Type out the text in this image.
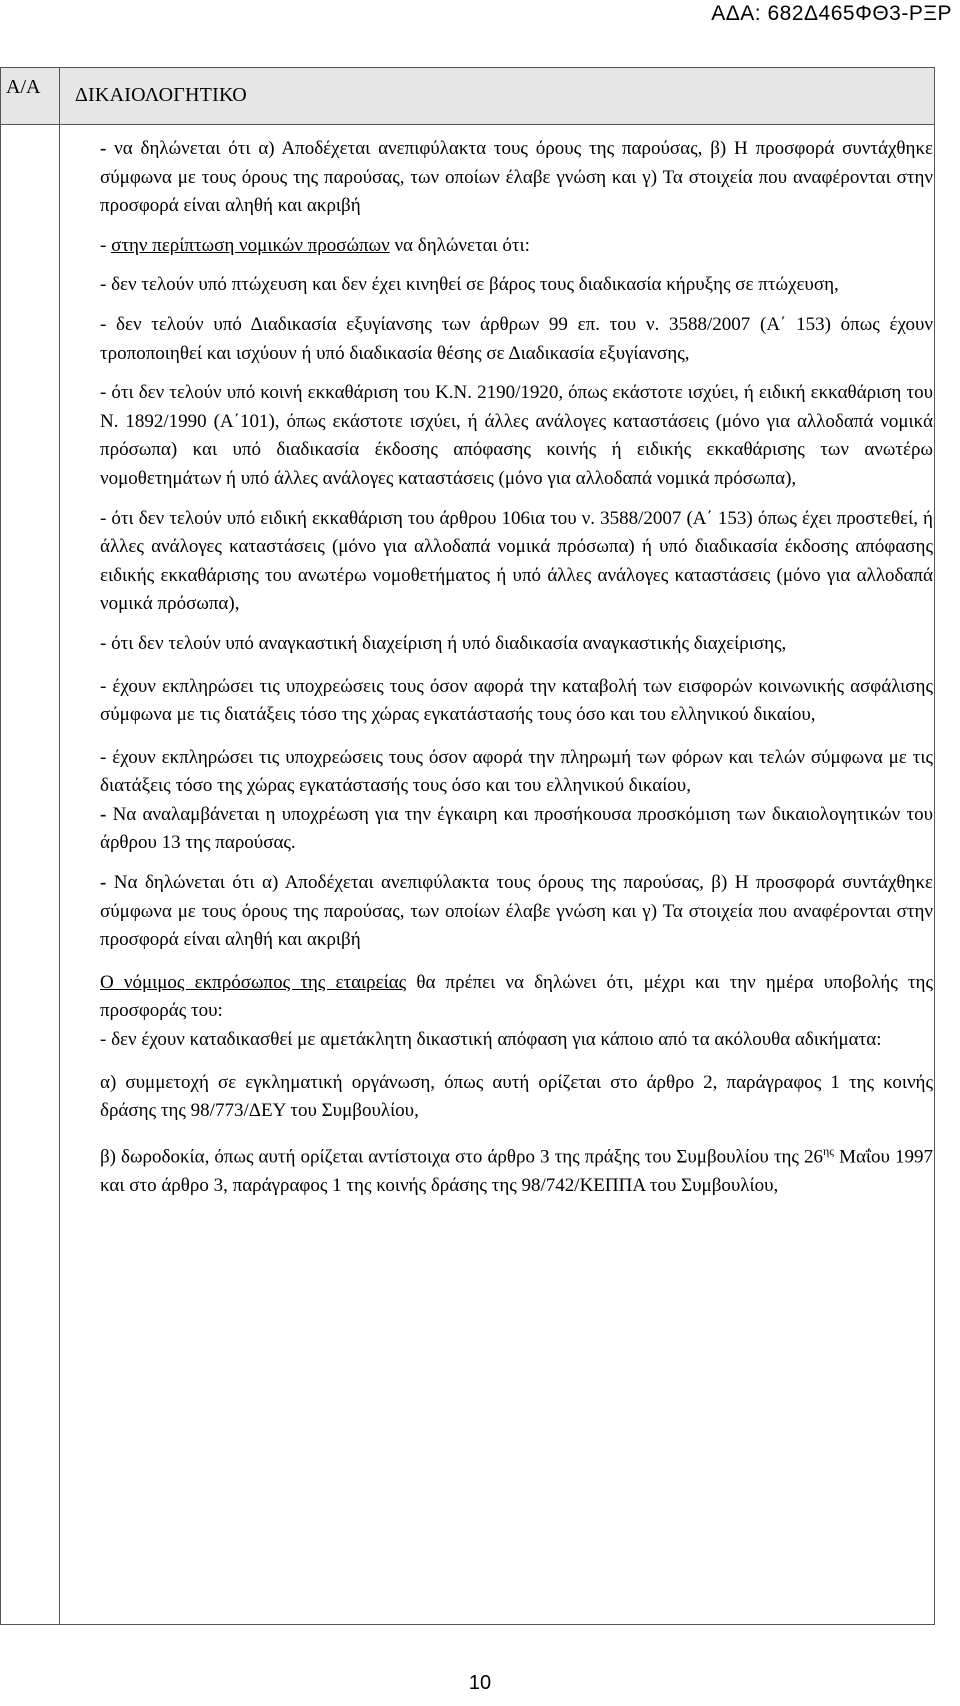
ΑΔΑ: 682Δ465ΦΘ3-ΡΞΡ
Α/Α ΔΙΚΑΙΟΛΟΓΗΤΙΚΟ

- να δηλώνεται ότι α) Αποδέχεται ανεπιφύλακτα τους όρους της παρούσας, β) Η προσφορά συντάχθηκε σύμφωνα με τους όρους της παρούσας, των οποίων έλαβε γνώση και γ) Τα στοιχεία που αναφέρονται στην προσφορά είναι αληθή και ακριβή

- στην περίπτωση νομικών προσώπων να δηλώνεται ότι:

- δεν τελούν υπό πτώχευση και δεν έχει κινηθεί σε βάρος τους διαδικασία κήρυξης σε πτώχευση,

- δεν τελούν υπό Διαδικασία εξυγίανσης των άρθρων 99 επ. του ν. 3588/2007 (Α΄ 153) όπως έχουν τροποποιηθεί και ισχύουν ή υπό διαδικασία θέσης σε Διαδικασία εξυγίανσης,

- ότι δεν τελούν υπό κοινή εκκαθάριση του Κ.Ν. 2190/1920, όπως εκάστοτε ισχύει, ή ειδική εκκαθάριση του Ν. 1892/1990 (Α΄101), όπως εκάστοτε ισχύει, ή άλλες ανάλογες καταστάσεις (μόνο για αλλοδαπά νομικά πρόσωπα) και υπό διαδικασία έκδοσης απόφασης κοινής ή ειδικής εκκαθάρισης των ανωτέρω νομοθετημάτων ή υπό άλλες ανάλογες καταστάσεις (μόνο για αλλοδαπά νομικά πρόσωπα),

- ότι δεν τελούν υπό ειδική εκκαθάριση του άρθρου 106ια του ν. 3588/2007 (Α΄ 153) όπως έχει προστεθεί, ή άλλες ανάλογες καταστάσεις (μόνο για αλλοδαπά νομικά πρόσωπα) ή υπό διαδικασία έκδοσης απόφασης ειδικής εκκαθάρισης του ανωτέρω νομοθετήματος ή υπό άλλες ανάλογες καταστάσεις (μόνο για αλλοδαπά νομικά πρόσωπα),

- ότι δεν τελούν υπό αναγκαστική διαχείριση ή υπό διαδικασία αναγκαστικής διαχείρισης,

- έχουν εκπληρώσει τις υποχρεώσεις τους όσον αφορά την καταβολή των εισφορών κοινωνικής ασφάλισης σύμφωνα με τις διατάξεις τόσο της χώρας εγκατάστασής τους όσο και του ελληνικού δικαίου,

- έχουν εκπληρώσει τις υποχρεώσεις τους όσον αφορά την πληρωμή των φόρων και τελών σύμφωνα με τις διατάξεις τόσο της χώρας εγκατάστασής τους όσο και του ελληνικού δικαίου,

- Να αναλαμβάνεται η υποχρέωση για την έγκαιρη και προσήκουσα προσκόμιση των δικαιολογητικών του άρθρου 13 της παρούσας.

- Να δηλώνεται ότι α) Αποδέχεται ανεπιφύλακτα τους όρους της παρούσας, β) Η προσφορά συντάχθηκε σύμφωνα με τους όρους της παρούσας, των οποίων έλαβε γνώση και γ) Τα στοιχεία που αναφέρονται στην προσφορά είναι αληθή και ακριβή

Ο νόμιμος εκπρόσωπος της εταιρείας θα πρέπει να δηλώνει ότι, μέχρι και την ημέρα υποβολής της προσφοράς του:

- δεν έχουν καταδικασθεί με αμετάκλητη δικαστική απόφαση για κάποιο από τα ακόλουθα αδικήματα:

α) συμμετοχή σε εγκληματική οργάνωση, όπως αυτή ορίζεται στο άρθρο 2, παράγραφος 1 της κοινής δράσης της 98/773/ΔΕΥ του Συμβουλίου,

β) δωροδοκία, όπως αυτή ορίζεται αντίστοιχα στο άρθρο 3 της πράξης του Συμβουλίου της $26^{\eta\varsigma}$ Μαΐου 1997 και στο άρθρο 3, παράγραφος 1 της κοινής δράσης της 98/742/ΚΕΠΠΑ του Συμβουλίου,

10
